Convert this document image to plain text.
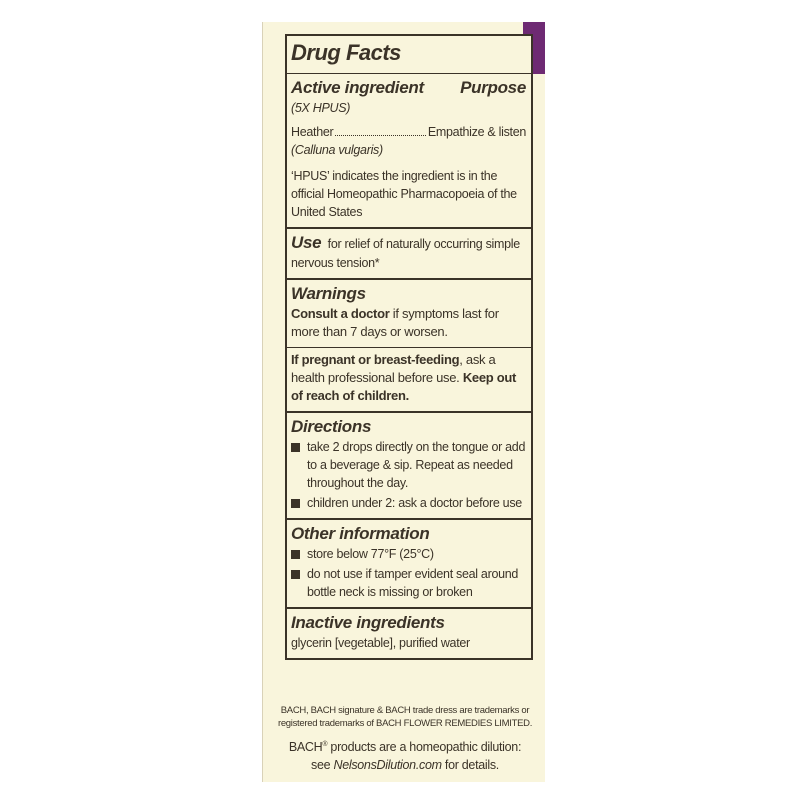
Drug Facts
Active ingredient Purpose
(5X HPUS)
Heather	Empathize & listen
(Calluna vulgaris)
‘HPUS’ indicates the ingredient is in the official Homeopathic Pharmacopoeia of the United States
Use for relief of naturally occurring simple nervous tension*
Warnings
Consult a doctor if symptoms last for more than 7 days or worsen.
If pregnant or breast-feeding, ask a health professional before use. Keep out of reach of children.
Directions
take 2 drops directly on the tongue or add to a beverage & sip. Repeat as needed throughout the day.
children under 2: ask a doctor before use
Other information
store below 77°F (25°C)
do not use if tamper evident seal around bottle neck is missing or broken
Inactive ingredients
glycerin [vegetable], purified water
BACH, BACH signature & BACH trade dress are trademarks or registered trademarks of BACH FLOWER REMEDIES LIMITED.
BACH® products are a homeopathic dilution:
see NelsonsDilution.com for details.
